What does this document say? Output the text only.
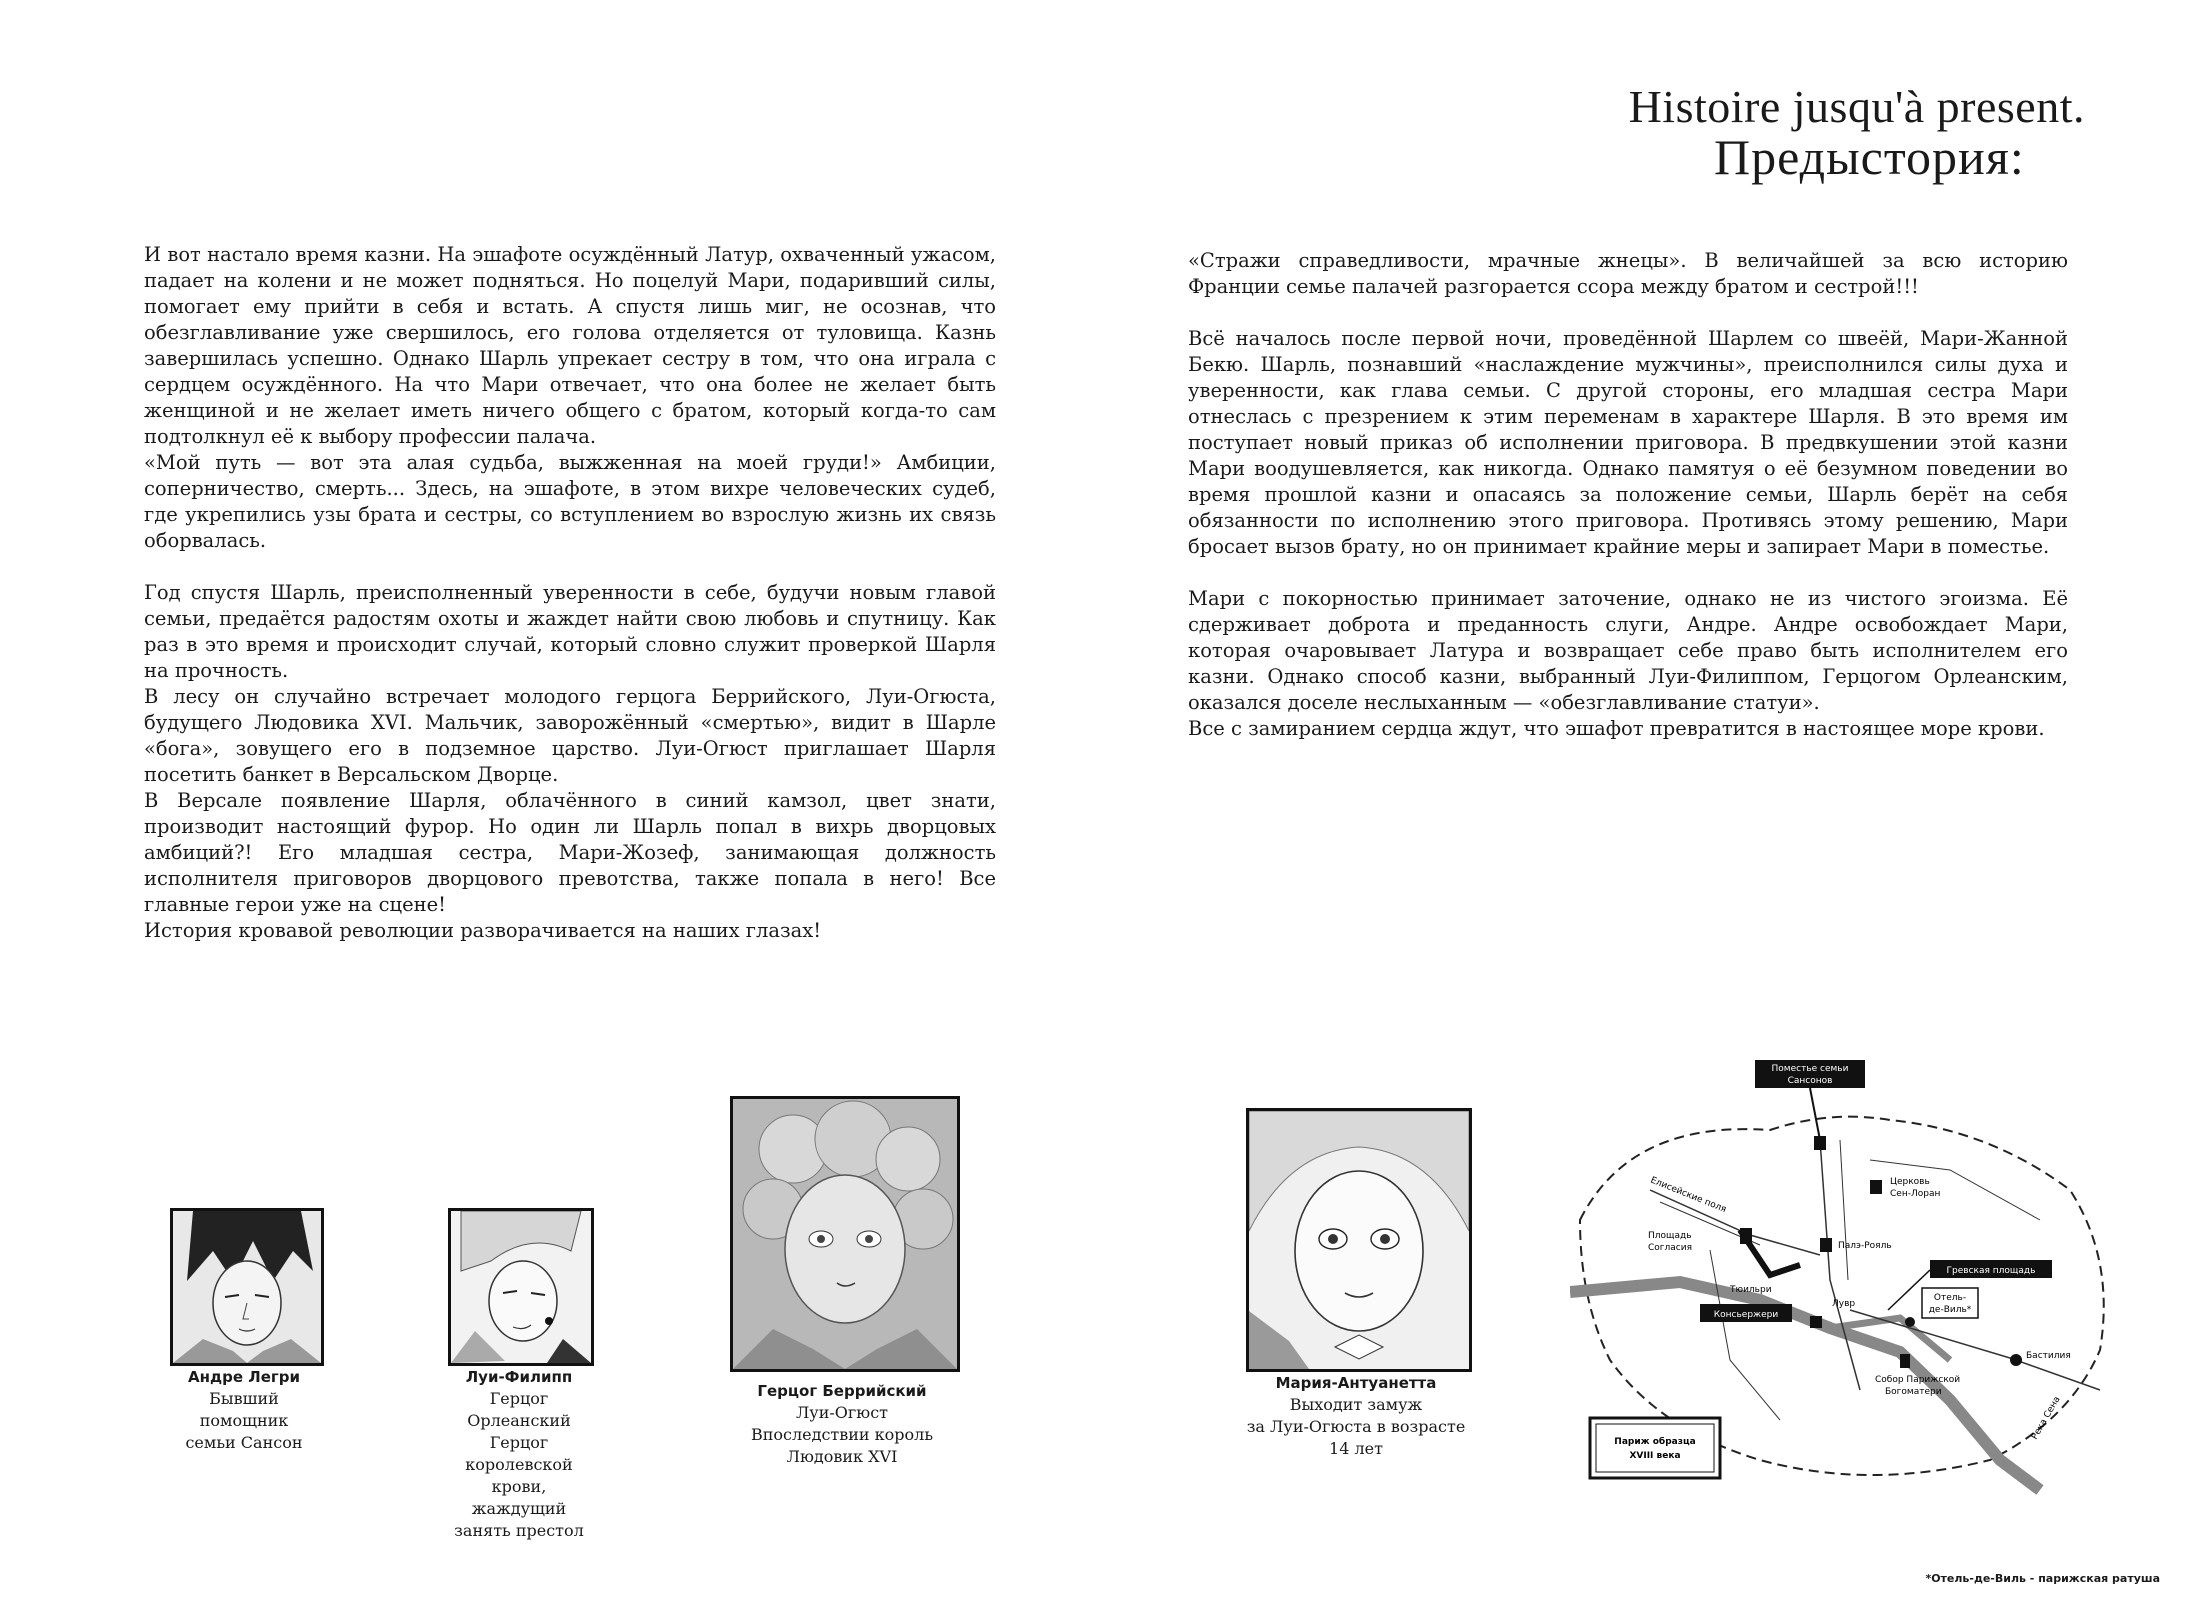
Histoire jusqu'à present.
Предыстория:

И вот настало время казни. На эшафоте осуждённый Латур, охваченный ужасом, падает на колени и не может подняться. Но поцелуй Мари, подаривший силы, помогает ему прийти в себя и встать. А спустя лишь миг, не осознав, что обезглавливание уже свершилось, его голова отделяется от туловища. Казнь завершилась успешно. Однако Шарль упрекает сестру в том, что она играла с сердцем осуждённого. На что Мари отвечает, что она более не желает быть женщиной и не желает иметь ничего общего с братом, который когда-то сам подтолкнул её к выбору профессии палача.

«Мой путь — вот эта алая судьба, выжженная на моей груди!» Амбиции, соперничество, смерть... Здесь, на эшафоте, в этом вихре человеческих судеб, где укрепились узы брата и сестры, со вступлением во взрослую жизнь их связь оборвалась.

Год спустя Шарль, преисполненный уверенности в себе, будучи новым главой семьи, предаётся радостям охоты и жаждет найти свою любовь и спутницу. Как раз в это время и происходит случай, который словно служит проверкой Шарля на прочность.

В лесу он случайно встречает молодого герцога Беррийского, Луи-Огюста, будущего Людовика XVI. Мальчик, заворожённый «смертью», видит в Шарле «бога», зовущего его в подземное царство. Луи-Огюст приглашает Шарля посетить банкет в Версальском Дворце.

В Версале появление Шарля, облачённого в синий камзол, цвет знати, производит настоящий фурор. Но один ли Шарль попал в вихрь дворцовых амбиций?! Его младшая сестра, Мари-Жозеф, занимающая должность исполнителя приговоров дворцового превотства, также попала в него! Все главные герои уже на сцене!

История кровавой революции разворачивается на наших глазах!

«Стражи справедливости, мрачные жнецы». В величайшей за всю историю Франции семье палачей разгорается ссора между братом и сестрой!!!

Всё началось после первой ночи, проведённой Шарлем со швеёй, Мари-Жанной Бекю. Шарль, познавший «наслаждение мужчины», преисполнился силы духа и уверенности, как глава семьи. С другой стороны, его младшая сестра Мари отнеслась с презрением к этим переменам в характере Шарля. В это время им поступает новый приказ об исполнении приговора. В предвкушении этой казни Мари воодушевляется, как никогда. Однако памятуя о её безумном поведении во время прошлой казни и опасаясь за положение семьи, Шарль берёт на себя обязанности по исполнению этого приговора. Противясь этому решению, Мари бросает вызов брату, но он принимает крайние меры и запирает Мари в поместье.

Мари с покорностью принимает заточение, однако не из чистого эгоизма. Её сдерживает доброта и преданность слуги, Андре. Андре освобождает Мари, которая очаровывает Латура и возвращает себе право быть исполнителем его казни. Однако способ казни, выбранный Луи-Филиппом, Герцогом Орлеанским, оказался доселе неслыханным — «обезглавливание статуи».

Все с замиранием сердца ждут, что эшафот превратится в настоящее море крови.

Андре Легри
Бывший
помощник
семьи Сансон
Луи-Филипп
Герцог
Орлеанский
Герцог
королевской
крови,
жаждущий
занять престол
Герцог Беррийский
Луи-Огюст
Впоследствии король
Людовик XVI
Мария-Антуанетта
Выходит замуж
за Луи-Огюста в возрасте
14 лет
Поместье семьи
Сансонов
Церковь
Сен-Лоран
Елисейские поля
Площадь
Согласия	Палэ-Рояль
Тюильри
Лувр
Гревская площадь
Отель-
де-Виль*
Консьержери
Бастилия
Собор Парижской
Богоматери
Река Сена
Париж образца
XVIII века
*Отель-де-Виль - парижская ратуша
